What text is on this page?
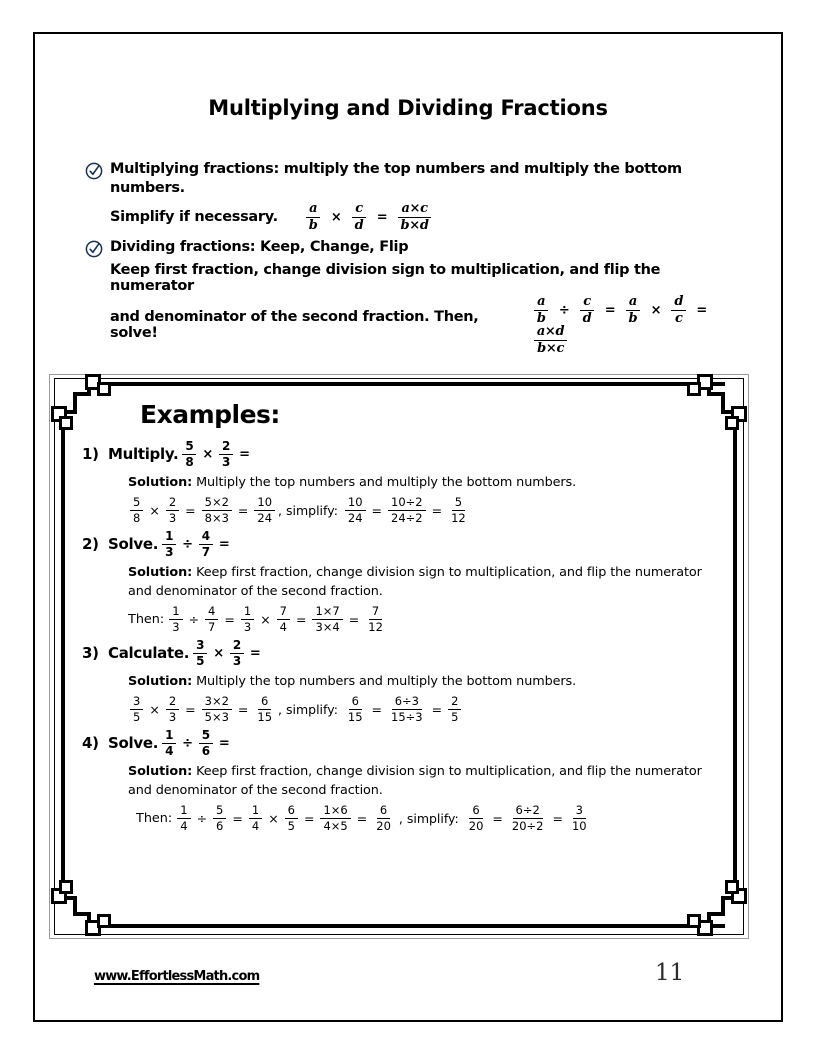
Multiplying and Dividing Fractions
Multiplying fractions: multiply the top numbers and multiply the bottom numbers.
Simplify if necessary. $\frac{a}{b} \times \frac{c}{d} = \frac{a\times c}{b\times d}$
Dividing fractions: Keep, Change, Flip
Keep first fraction, change division sign to multiplication, and flip the numerator
and denominator of the second fraction. Then, solve!
$\frac{a}{b} \div \frac{c}{d} = \frac{a}{b} \times \frac{d}{c}$ =
$\frac{a\times d}{b\times c}$
Examples:
1) Multiply. $\frac{5}{8} \times \frac{2}{3}$ =
Solution: Multiply the top numbers and multiply the bottom numbers.
$\frac{5}{8} \times \frac{2}{3} = \frac{5\times 2}{8\times 3} = \frac{10}{24}$ , simplify: $\frac{10}{24} = \frac{10\div 2}{24\div 2} = \frac{5}{12}$
2) Solve. $\frac{1}{3} \div \frac{4}{7}$ =
Solution: Keep first fraction, change division sign to multiplication, and flip the numerator
and denominator of the second fraction.
Then: $\frac{1}{3} \div \frac{4}{7} = \frac{1}{3} \times \frac{7}{4} = \frac{1\times 7}{3\times 4} = \frac{7}{12}$
3) Calculate. $\frac{3}{5} \times \frac{2}{3}$ =
Solution: Multiply the top numbers and multiply the bottom numbers.
$\frac{3}{5} \times \frac{2}{3} = \frac{3\times 2}{5\times 3} = \frac{6}{15}$ , simplify: $\frac{6}{15} = \frac{6\div 3}{15\div 3} = \frac{2}{5}$
4) Solve. $\frac{1}{4} \div \frac{5}{6}$ =
Solution: Keep first fraction, change division sign to multiplication, and flip the numerator
and denominator of the second fraction.
Then: $\frac{1}{4} \div \frac{5}{6} = \frac{1}{4} \times \frac{6}{5} = \frac{1\times 6}{4\times 5} = \frac{6}{20}$ , simplify: $\frac{6}{20} = \frac{6\div 2}{20\div 2} = \frac{3}{10}$
www.EffortlessMath.com	11
